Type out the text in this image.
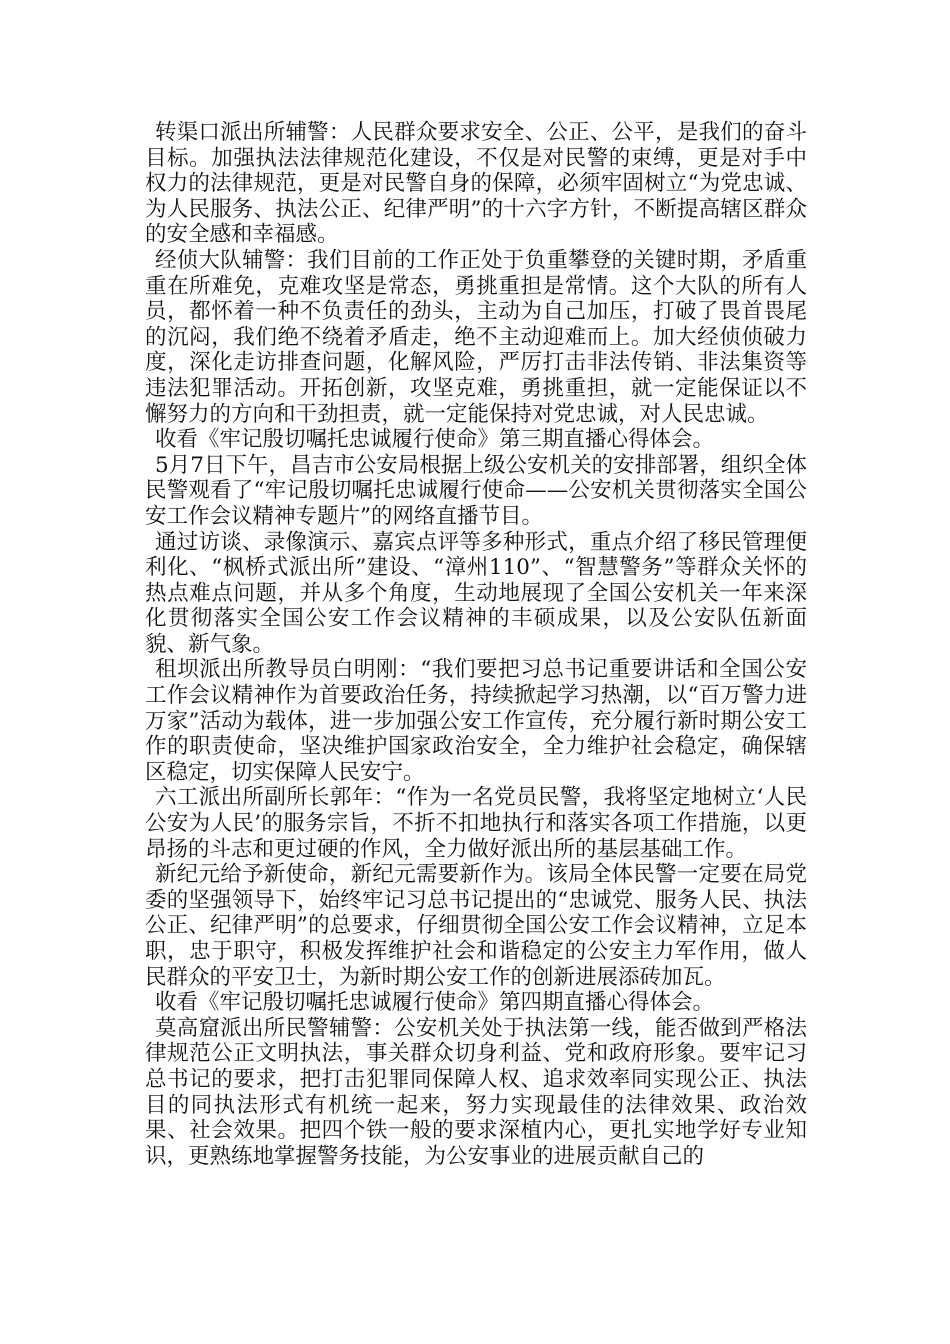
转渠口派出所辅警：人民群众要求安全、公正、公平，是我们的奋斗目标。加强执法法律规范化建设，不仅是对民警的束缚，更是对手中权力的法律规范，更是对民警自身的保障，必须牢固树立“为党忠诚、为人民服务、执法公正、纪律严明”的十六字方针，不断提高辖区群众的安全感和幸福感。

经侦大队辅警：我们目前的工作正处于负重攀登的关键时期，矛盾重重在所难免，克难攻坚是常态，勇挑重担是常情。这个大队的所有人员，都怀着一种不负责任的劲头，主动为自己加压，打破了畏首畏尾的沉闷，我们绝不绕着矛盾走，绝不主动迎难而上。加大经侦侦破力度，深化走访排查问题，化解风险，严厉打击非法传销、非法集资等违法犯罪活动。开拓创新，攻坚克难，勇挑重担，就一定能保证以不懈努力的方向和干劲担责，就一定能保持对党忠诚，对人民忠诚。

收看《牢记殷切嘱托忠诚履行使命》第三期直播心得体会。

5月7日下午，昌吉市公安局根据上级公安机关的安排部署，组织全体民警观看了“牢记殷切嘱托忠诚履行使命——公安机关贯彻落实全国公安工作会议精神专题片”的网络直播节目。

通过访谈、录像演示、嘉宾点评等多种形式，重点介绍了移民管理便利化、“枫桥式派出所”建设、“漳州110”、“智慧警务”等群众关怀的热点难点问题，并从多个角度，生动地展现了全国公安机关一年来深化贯彻落实全国公安工作会议精神的丰硕成果，以及公安队伍新面貌、新气象。

租坝派出所教导员白明刚：“我们要把习总书记重要讲话和全国公安工作会议精神作为首要政治任务，持续掀起学习热潮，以“百万警力进万家”活动为载体，进一步加强公安工作宣传，充分履行新时期公安工作的职责使命，坚决维护国家政治安全，全力维护社会稳定，确保辖区稳定，切实保障人民安宁。

六工派出所副所长郭年：“作为一名党员民警，我将坚定地树立‘人民公安为人民’的服务宗旨，不折不扣地执行和落实各项工作措施，以更昂扬的斗志和更过硬的作风，全力做好派出所的基层基础工作。

新纪元给予新使命，新纪元需要新作为。该局全体民警一定要在局党委的坚强领导下，始终牢记习总书记提出的“忠诚党、服务人民、执法公正、纪律严明”的总要求，仔细贯彻全国公安工作会议精神，立足本职，忠于职守，积极发挥维护社会和谐稳定的公安主力军作用，做人民群众的平安卫士，为新时期公安工作的创新进展添砖加瓦。

收看《牢记殷切嘱托忠诚履行使命》第四期直播心得体会。

莫高窟派出所民警辅警：公安机关处于执法第一线，能否做到严格法律规范公正文明执法，事关群众切身利益、党和政府形象。要牢记习总书记的要求，把打击犯罪同保障人权、追求效率同实现公正、执法目的同执法形式有机统一起来，努力实现最佳的法律效果、政治效果、社会效果。把四个铁一般的要求深植内心，更扎实地学好专业知识，更熟练地掌握警务技能，为公安事业的进展贡献自己的
